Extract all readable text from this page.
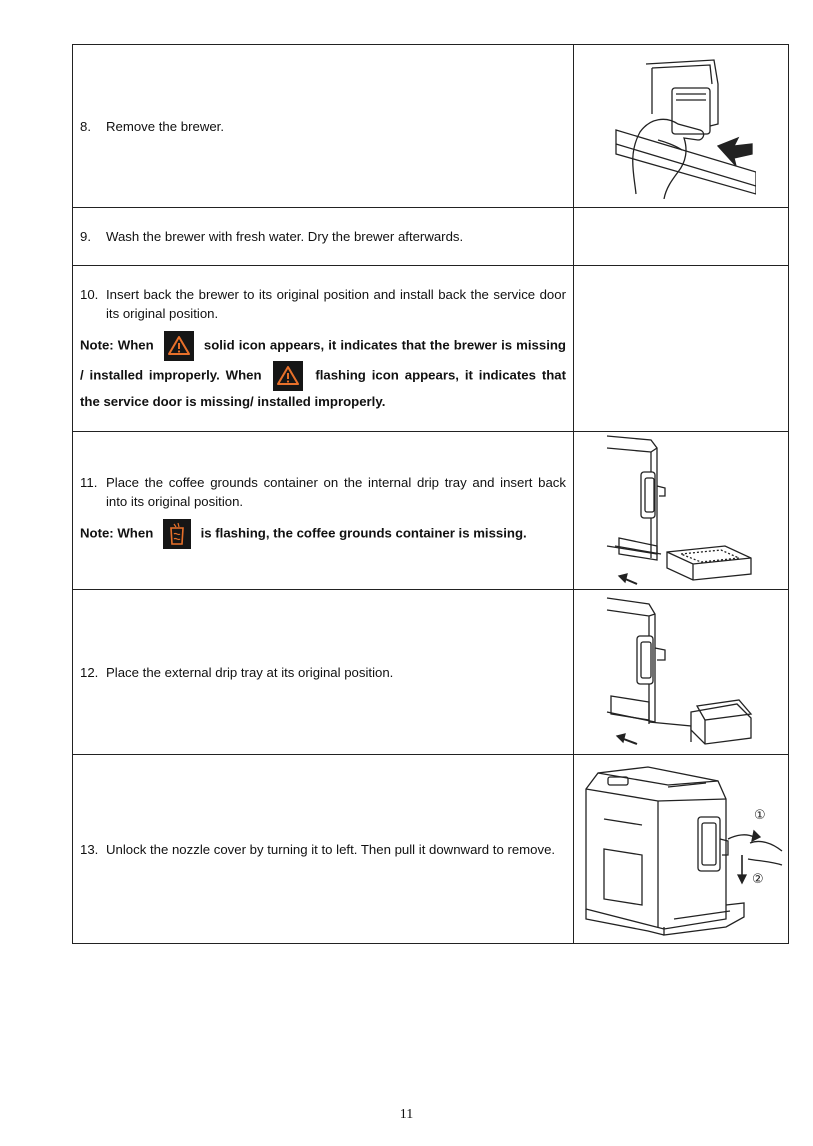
8. Remove the brewer.

9. Wash the brewer with fresh water. Dry the brewer afterwards.	

10. Insert back the brewer to its original position and install back the service door its original position.
Note: When solid icon appears, it indicates that the brewer is missing / installed improperly. When flashing icon appears, it indicates that the service door is missing/ installed improperly.	

11. Place the coffee grounds container on the internal drip tray and insert back into its original position.
Note: When is flashing, the coffee grounds container is missing.

12. Place the external drip tray at its original position.

13. Unlock the nozzle cover by turning it to left. Then pull it downward to remove.	①
②
11
